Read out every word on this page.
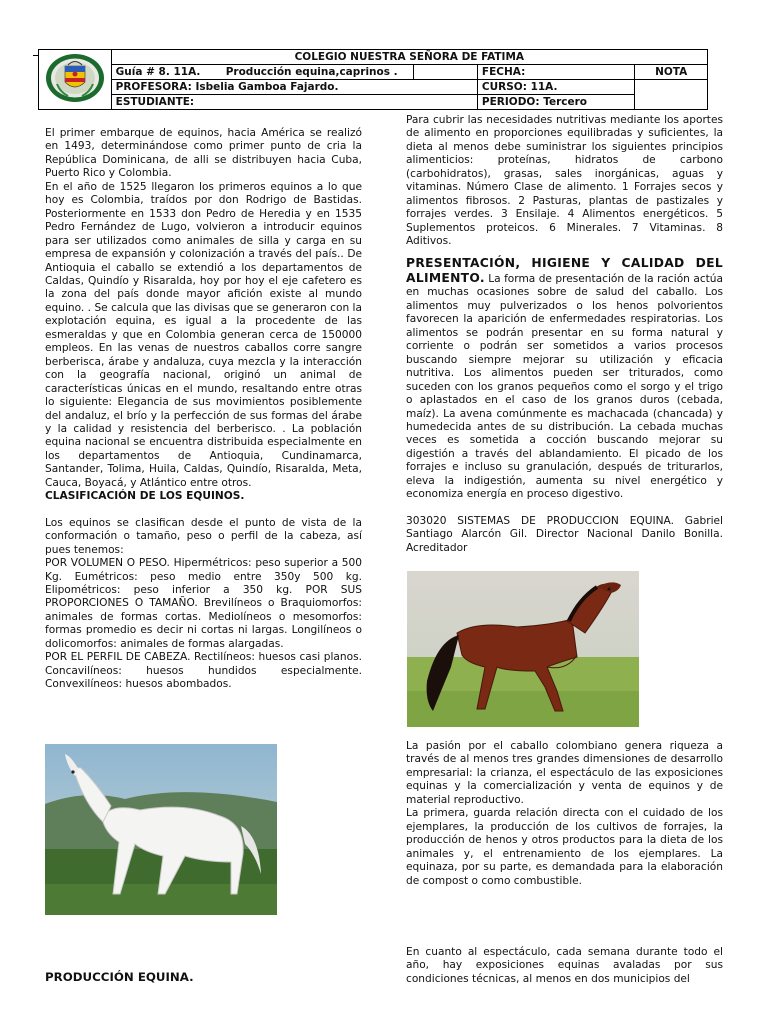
	COLEGIO NUESTRA SEÑORA DE FATIMA			
	Guía # 8. 11A. Producción equina,caprinos .		FECHA:	NOTA
	PROFESORA: Isbelia Gamboa Fajardo.		CURSO: 11A.	
	ESTUDIANTE:		PERIODO: Tercero	

El primer embarque de equinos, hacia América se realizó en 1493, determinándose como primer punto de cria la República Dominicana, de alli se distribuyen hacia Cuba, Puerto Rico y Colombia.

En el año de 1525 llegaron los primeros equinos a lo que hoy es Colombia, traídos por don Rodrigo de Bastidas. Posteriormente en 1533 don Pedro de Heredia y en 1535 Pedro Fernández de Lugo, volvieron a introducir equinos para ser utilizados como animales de silla y carga en su empresa de expansión y colonización a través del país.. De Antioquia el caballo se extendió a los departamentos de Caldas, Quindío y Risaralda, hoy por hoy el eje cafetero es la zona del país donde mayor afición existe al mundo equino. . Se calcula que las divisas que se generaron con la explotación equina, es igual a la procedente de las esmeraldas y que en Colombia generan cerca de 150000 empleos. En las venas de nuestros caballos corre sangre berberisca, árabe y andaluza, cuya mezcla y la interacción con la geografía nacional, originó un animal de características únicas en el mundo, resaltando entre otras lo siguiente: Elegancia de sus movimientos posiblemente del andaluz, el brío y la perfección de sus formas del árabe y la calidad y resistencia del berberisco. . La población equina nacional se encuentra distribuida especialmente en los departamentos de Antioquia, Cundinamarca, Santander, Tolima, Huila, Caldas, Quindío, Risaralda, Meta, Cauca, Boyacá, y Atlántico entre otros.

CLASIFICACIÓN DE LOS EQUINOS.

Los equinos se clasifican desde el punto de vista de la conformación o tamaño, peso o perfil de la cabeza, así pues tenemos:

POR VOLUMEN O PESO. Hipermétricos: peso superior a 500 Kg. Eumétricos: peso medio entre 350y 500 kg. Elipométricos: peso inferior a 350 kg. POR SUS PROPORCIONES O TAMAÑO. Brevilíneos o Braquiomorfos: animales de formas cortas. Mediolíneos o mesomorfos: formas promedio es decir ni cortas ni largas. Longilíneos o dolicomorfos: animales de formas alargadas.

POR EL PERFIL DE CABEZA. Rectilíneos: huesos casi planos. Concavilíneos: huesos hundidos especialmente. Convexilíneos: huesos abombados.

PRODUCCIÓN EQUINA.

Para cubrir las necesidades nutritivas mediante los aportes de alimento en proporciones equilibradas y suficientes, la dieta al menos debe suministrar los siguientes principios alimenticios: proteínas, hidratos de carbono (carbohidratos), grasas, sales inorgánicas, aguas y vitaminas. Número Clase de alimento. 1 Forrajes secos y alimentos fibrosos. 2 Pasturas, plantas de pastizales y forrajes verdes. 3 Ensilaje. 4 Alimentos energéticos. 5 Suplementos proteicos. 6 Minerales. 7 Vitaminas. 8 Aditivos.

PRESENTACIÓN, HIGIENE Y CALIDAD DEL ALIMENTO. La forma de presentación de la ración actúa en muchas ocasiones sobre de salud del caballo. Los alimentos muy pulverizados o los henos polvorientos favorecen la aparición de enfermedades respiratorias. Los alimentos se podrán presentar en su forma natural y corriente o podrán ser sometidos a varios procesos buscando siempre mejorar su utilización y eficacia nutritiva. Los alimentos pueden ser triturados, como suceden con los granos pequeños como el sorgo y el trigo o aplastados en el caso de los granos duros (cebada, maíz). La avena comúnmente es machacada (chancada) y humedecida antes de su distribución. La cebada muchas veces es sometida a cocción buscando mejorar su digestión a través del ablandamiento. El picado de los forrajes e incluso su granulación, después de triturarlos, eleva la indigestión, aumenta su nivel energético y economiza energía en proceso digestivo.

303020 SISTEMAS DE PRODUCCION EQUINA. Gabriel Santiago Alarcón Gil. Director Nacional Danilo Bonilla. Acreditador

La pasión por el caballo colombiano genera riqueza a través de al menos tres grandes dimensiones de desarrollo empresarial: la crianza, el espectáculo de las exposiciones equinas y la comercialización y venta de equinos y de material reproductivo.

La primera, guarda relación directa con el cuidado de los ejemplares, la producción de los cultivos de forrajes, la producción de henos y otros productos para la dieta de los animales y, el entrenamiento de los ejemplares. La equinaza, por su parte, es demandada para la elaboración de compost o como combustible.

En cuanto al espectáculo, cada semana durante todo el año, hay exposiciones equinas avaladas por sus condiciones técnicas, al menos en dos municipios del
